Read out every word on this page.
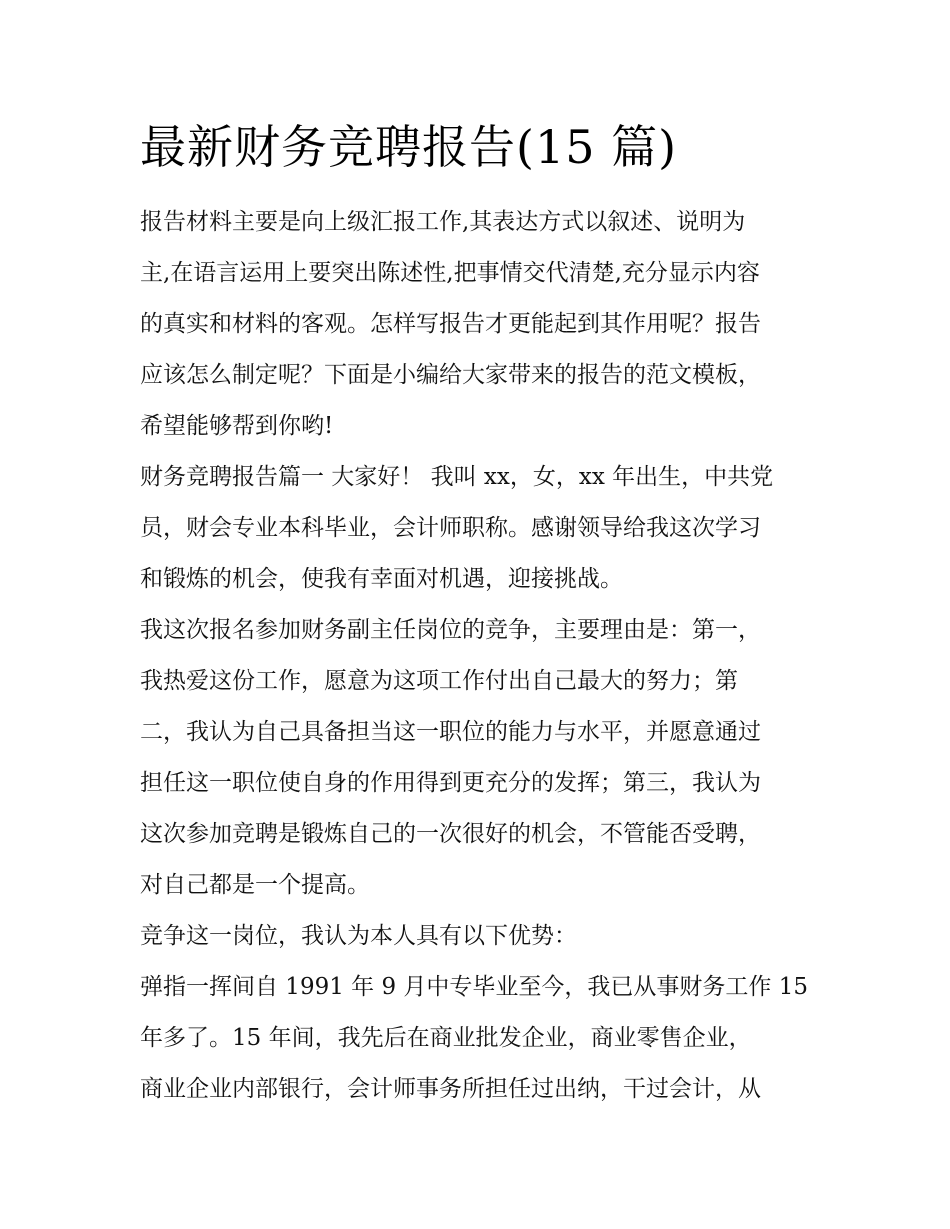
最新财务竞聘报告(15 篇)

报告材料主要是向上级汇报工作,其表达方式以叙述、说明为

主,在语言运用上要突出陈述性,把事情交代清楚,充分显示内容

的真实和材料的客观。怎样写报告才更能起到其作用呢？报告

应该怎么制定呢？下面是小编给大家带来的报告的范文模板，

希望能够帮到你哟!

财务竞聘报告篇一 大家好！ 我叫 xx，女，xx 年出生，中共党

员，财会专业本科毕业，会计师职称。感谢领导给我这次学习

和锻炼的机会，使我有幸面对机遇，迎接挑战。

我这次报名参加财务副主任岗位的竞争，主要理由是：第一，

我热爱这份工作，愿意为这项工作付出自己最大的努力；第

二，我认为自己具备担当这一职位的能力与水平，并愿意通过

担任这一职位使自身的作用得到更充分的发挥；第三，我认为

这次参加竞聘是锻炼自己的一次很好的机会，不管能否受聘，

对自己都是一个提高。

竞争这一岗位，我认为本人具有以下优势：

弹指一挥间自 1991 年 9 月中专毕业至今，我已从事财务工作 15

年多了。15 年间，我先后在商业批发企业，商业零售企业，

商业企业内部银行，会计师事务所担任过出纳，干过会计，从
